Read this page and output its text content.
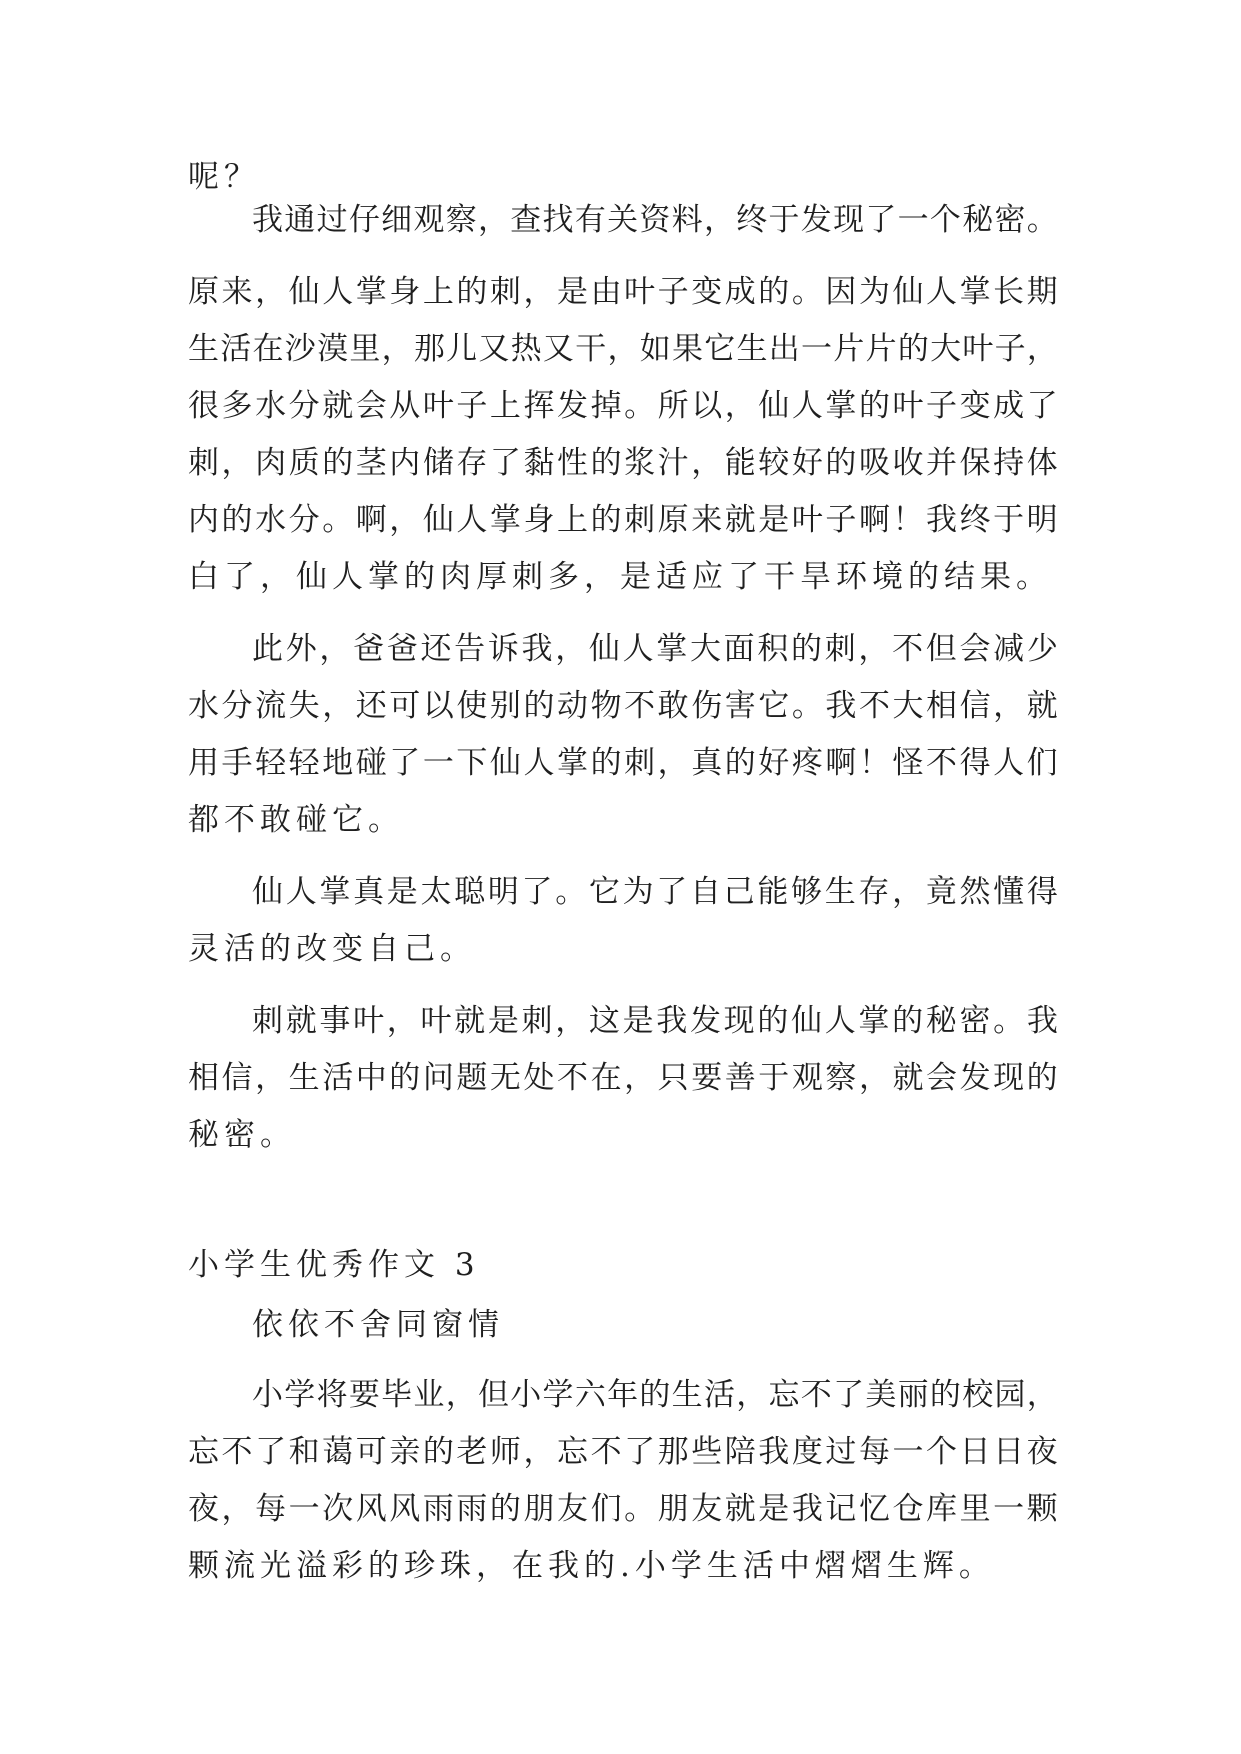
呢？
我 通 过 仔 细 观 察 ， 查 找 有 关 资 料 ， 终 于 发 现 了 一 个 秘 密 。
原 来 ， 仙 人 掌 身 上 的 刺 ， 是 由 叶 子 变 成 的 。 因 为 仙 人 掌 长 期
生 活 在 沙 漠 里 ， 那 儿 又 热 又 干 ， 如 果 它 生 出 一 片 片 的 大 叶 子 ，
很 多 水 分 就 会 从 叶 子 上 挥 发 掉 。 所 以 ， 仙 人 掌 的 叶 子 变 成 了
刺 ， 肉 质 的 茎 内 储 存 了 黏 性 的 浆 汁 ， 能 较 好 的 吸 收 并 保 持 体
内 的 水 分 。 啊 ， 仙 人 掌 身 上 的 刺 原 来 就 是 叶 子 啊 ！ 我 终 于 明
白了，仙人掌的肉厚刺多，是适应了干旱环境的结果。
此 外 ， 爸 爸 还 告 诉 我 ， 仙 人 掌 大 面 积 的 刺 ， 不 但 会 减 少
水 分 流 失 ， 还 可 以 使 别 的 动 物 不 敢 伤 害 它 。 我 不 大 相 信 ， 就
用 手 轻 轻 地 碰 了 一 下 仙 人 掌 的 刺 ， 真 的 好 疼 啊 ！ 怪 不 得 人 们
都不敢碰它。
仙 人 掌 真 是 太 聪 明 了 。 它 为 了 自 己 能 够 生 存 ， 竟 然 懂 得
灵活的改变自己。
刺 就 事 叶 ， 叶 就 是 刺 ， 这 是 我 发 现 的 仙 人 掌 的 秘 密 。 我
相 信 ， 生 活 中 的 问 题 无 处 不 在 ， 只 要 善 于 观 察 ， 就 会 发 现 的
秘密。
小学生优秀作文 3
依依不舍同窗情
小 学 将 要 毕 业 ， 但 小 学 六 年 的 生 活 ， 忘 不 了 美 丽 的 校 园 ，
忘 不 了 和 蔼 可 亲 的 老 师 ， 忘 不 了 那 些 陪 我 度 过 每 一 个 日 日 夜
夜 ， 每 一 次 风 风 雨 雨 的 朋 友 们 。 朋 友 就 是 我 记 忆 仓 库 里 一 颗
颗流光溢彩的珍珠，在我的.小学生活中熠熠生辉。
